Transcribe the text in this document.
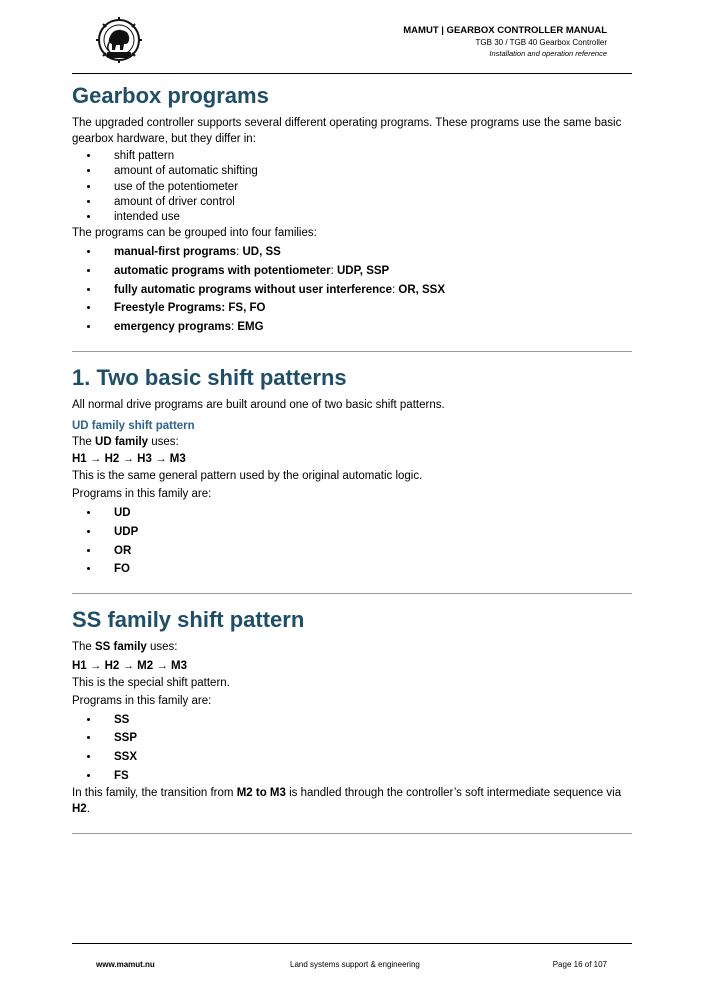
MAMUT | GEARBOX CONTROLLER MANUAL
TGB 30 / TGB 40 Gearbox Controller
Installation and operation reference
Gearbox programs

The upgraded controller supports several different operating programs. These programs use the same basic gearbox hardware, but they differ in:

• shift pattern
• amount of automatic shifting
• use of the potentiometer
• amount of driver control
• intended use

The programs can be grouped into four families:

• manual-first programs: UD, SS
• automatic programs with potentiometer: UDP, SSP
• fully automatic programs without user interference: OR, SSX
• Freestyle Programs: FS, FO
• emergency programs: EMG
1. Two basic shift patterns

All normal drive programs are built around one of two basic shift patterns.

UD family shift pattern

The UD family uses:

H1 → H2 → H3 → M3

This is the same general pattern used by the original automatic logic.

Programs in this family are:

• UD
• UDP
• OR
• FO
SS family shift pattern

The SS family uses:

H1 → H2 → M2 → M3

This is the special shift pattern.

Programs in this family are:

• SS
• SSP
• SSX
• FS

In this family, the transition from M2 to M3 is handled through the controller’s soft intermediate sequence via H2.

www.mamut.nu	Land systems support & engineering	Page 16 of 107
